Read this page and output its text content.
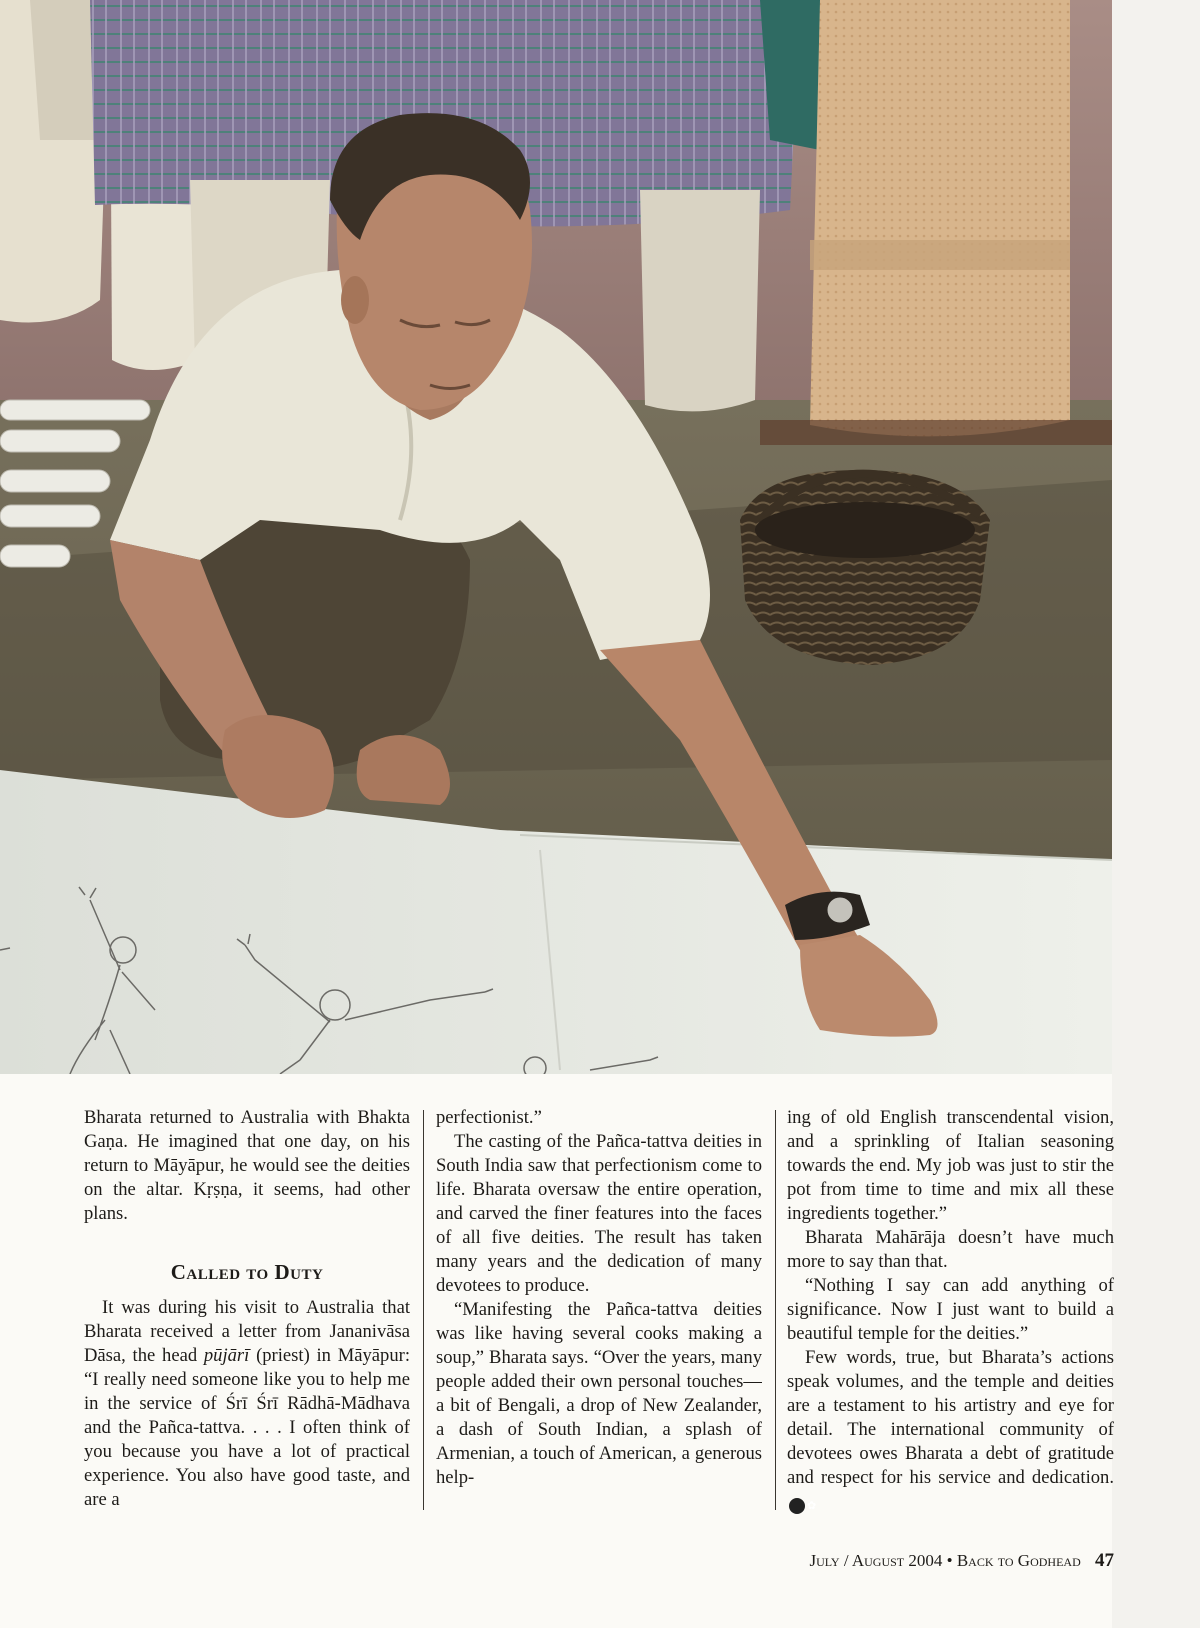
Bharata returned to Australia with Bhakta Gaṇa. He imagined that one day, on his return to Māyāpur, he would see the deities on the altar. Kṛṣṇa, it seems, had other plans.

Called to Duty

It was during his visit to Australia that Bharata received a letter from Jananivāsa Dāsa, the head pūjārī (priest) in Māyāpur: “I really need someone like you to help me in the service of Śrī Śrī Rādhā-Mādhava and the Pañca-tattva. . . . I often think of you because you have a lot of practical experience. You also have good taste, and are a

perfectionist.”

The casting of the Pañca-tattva deities in South India saw that perfectionism come to life. Bharata oversaw the entire operation, and carved the finer features into the faces of all five deities. The result has taken many years and the dedication of many devotees to produce.

“Manifesting the Pañca-tattva deities was like having several cooks making a soup,” Bharata says. “Over the years, many people added their own personal touches—a bit of Bengali, a drop of New Zealander, a dash of South Indian, a splash of Armenian, a touch of American, a generous help-

ing of old English transcendental vision, and a sprinkling of Italian seasoning towards the end. My job was just to stir the pot from time to time and mix all these ingredients together.”

Bharata Mahārāja doesn’t have much more to say than that.

“Nothing I say can add anything of significance. Now I just want to build a beautiful temple for the deities.”

Few words, true, but Bharata’s actions speak volumes, and the temple and deities are a testament to his artistry and eye for detail. The international community of devotees owes Bharata a debt of gratitude and respect for his service and dedication.✿

July / August 2004 • Back to Godhead 47
